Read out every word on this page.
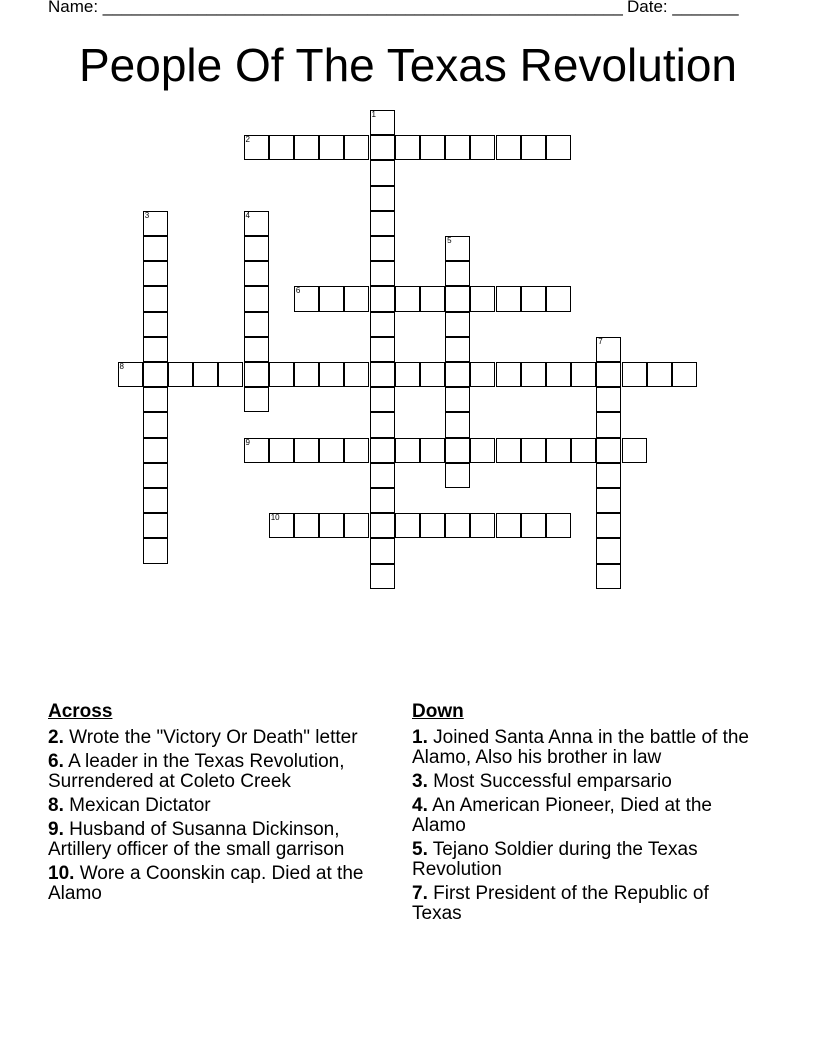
Name: _______________________________________________________ Date: _______
People Of The Texas Revolution
2
6
8
9
10
1
3	4
5
7
Across
2. Wrote the "Victory Or Death" letter
6. A leader in the Texas Revolution, Surrendered at Coleto Creek
8. Mexican Dictator
9. Husband of Susanna Dickinson, Artillery officer of the small garrison
10. Wore a Coonskin cap. Died at the Alamo
Down
1. Joined Santa Anna in the battle of the Alamo, Also his brother in law
3. Most Successful emparsario
4. An American Pioneer, Died at the Alamo
5. Tejano Soldier during the Texas Revolution
7. First President of the Republic of Texas
